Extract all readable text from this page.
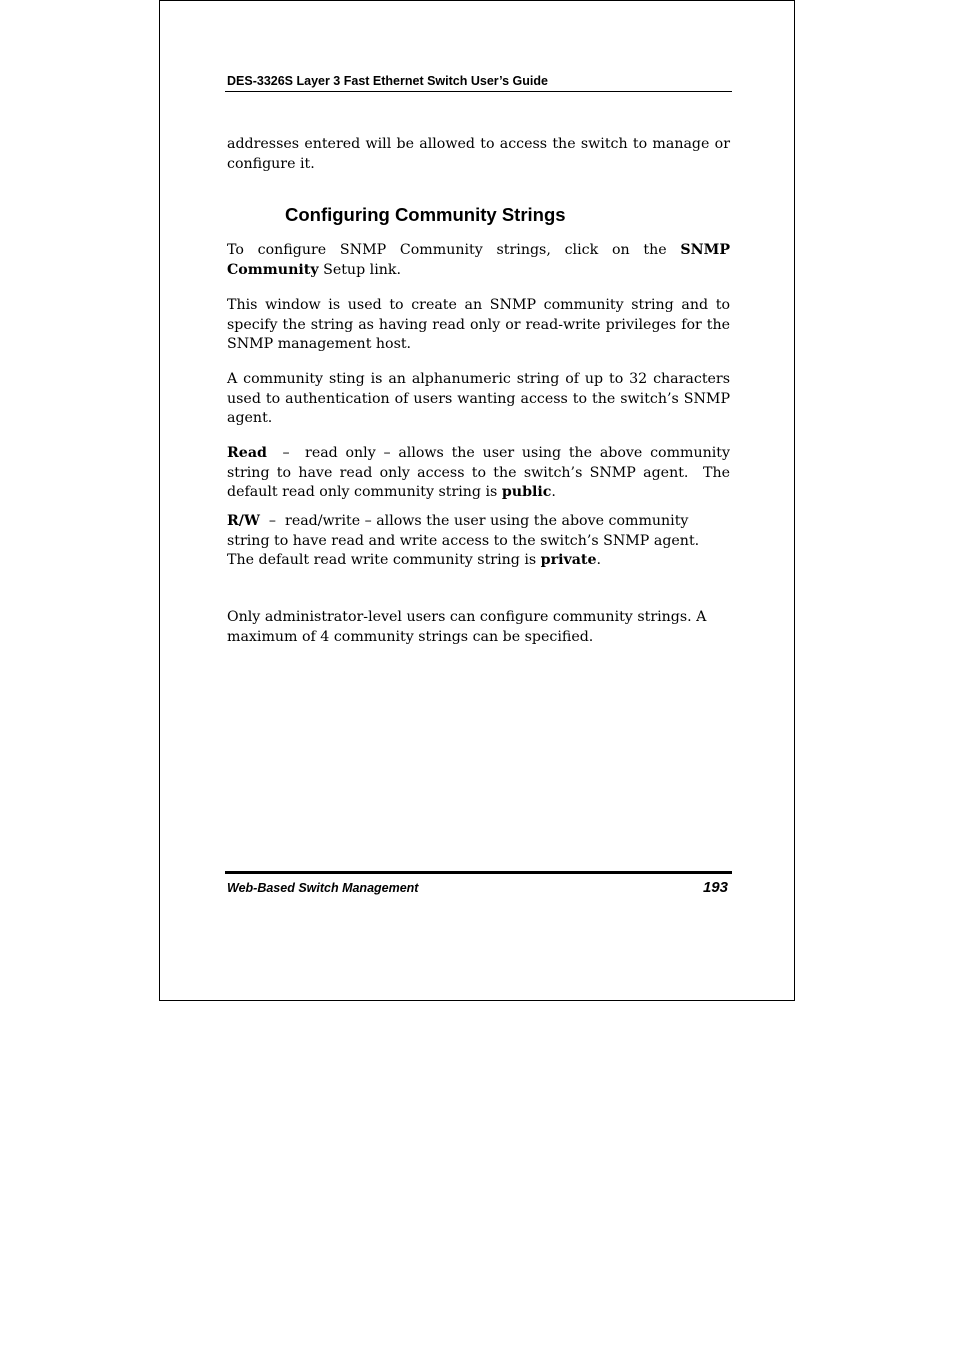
DES-3326S Layer 3 Fast Ethernet Switch User’s Guide
addresses entered will be allowed to access the switch to manage or configure it.
Configuring Community Strings
To configure SNMP Community strings, click on the SNMP Community Setup link.
This window is used to create an SNMP community string and to specify the string as having read only or read-write privileges for the SNMP management host.
A community sting is an alphanumeric string of up to 32 characters used to authentication of users wanting access to the switch’s SNMP agent.
Read  –  read only – allows the user using the above community string to have read only access to the switch’s SNMP agent.  The default read only community string is public.
R/W  –  read/write – allows the user using the above community string to have read and write access to the switch’s SNMP agent.  The default read write community string is private.
Only administrator-level users can configure community strings. A maximum of 4 community strings can be specified.
Web-Based Switch Management	193
